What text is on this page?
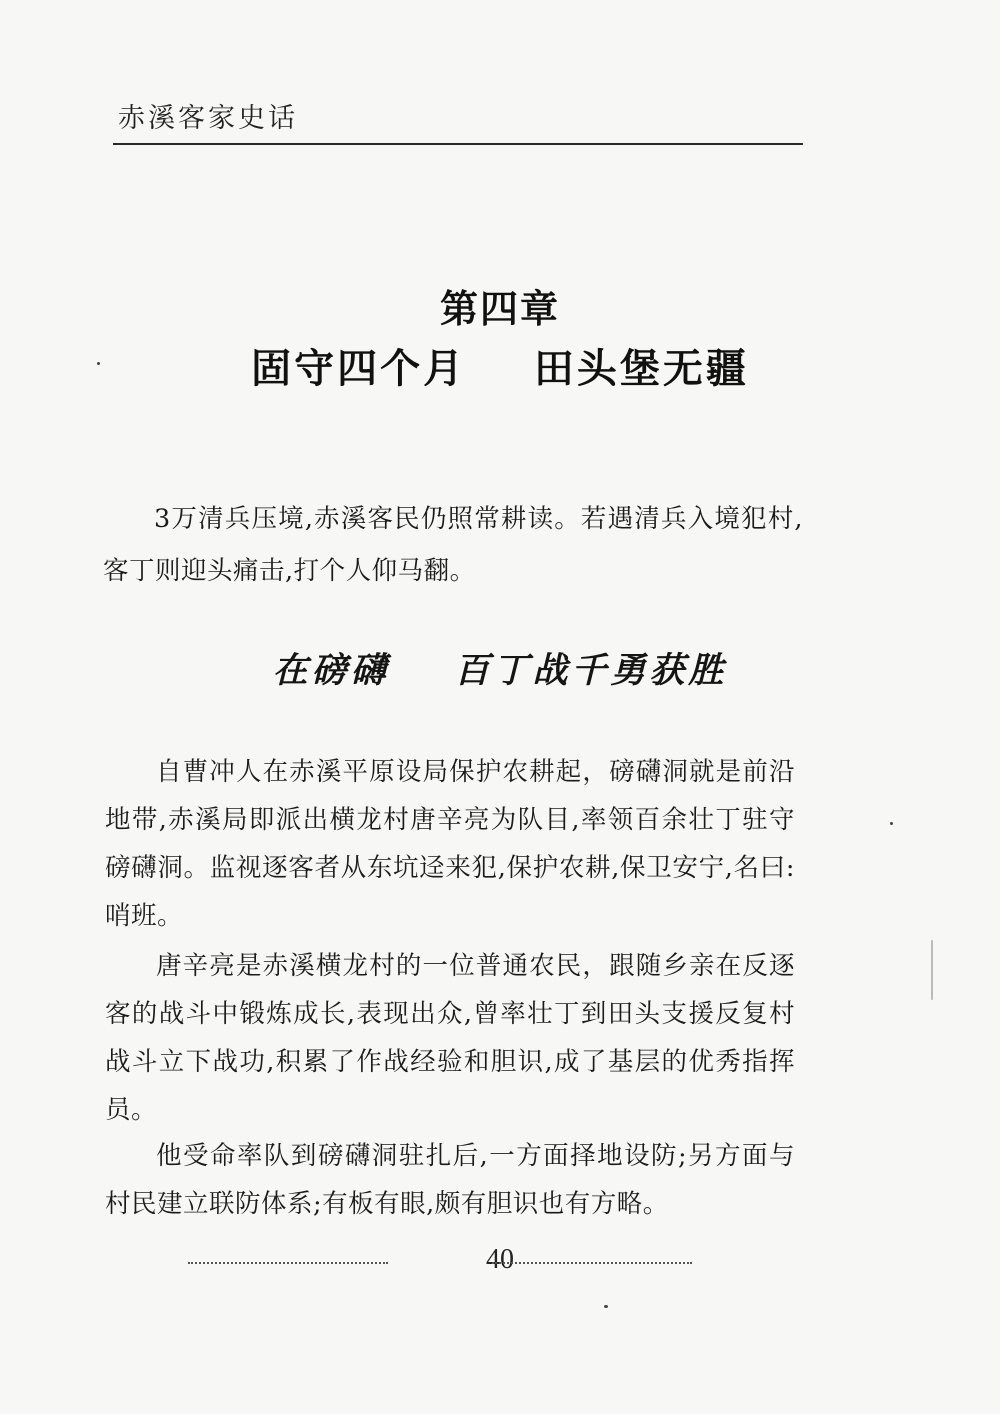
赤溪客家史话
第四章
固守四个月    田头堡无疆

3万清兵压境,赤溪客民仍照常耕读。若遇清兵入境犯村,客丁则迎头痛击,打个人仰马翻。

在磅礴    百丁战千勇获胜

自曹冲人在赤溪平原设局保护农耕起，磅礴洞就是前沿地带,赤溪局即派出横龙村唐辛亮为队目,率领百余壮丁驻守磅礴洞。监视逐客者从东坑迳来犯,保护农耕,保卫安宁,名曰:哨班。

唐辛亮是赤溪横龙村的一位普通农民，跟随乡亲在反逐客的战斗中锻炼成长,表现出众,曾率壮丁到田头支援反复村战斗立下战功,积累了作战经验和胆识,成了基层的优秀指挥员。

他受命率队到磅礴洞驻扎后,一方面择地设防;另方面与村民建立联防体系;有板有眼,颇有胆识也有方略。

40
